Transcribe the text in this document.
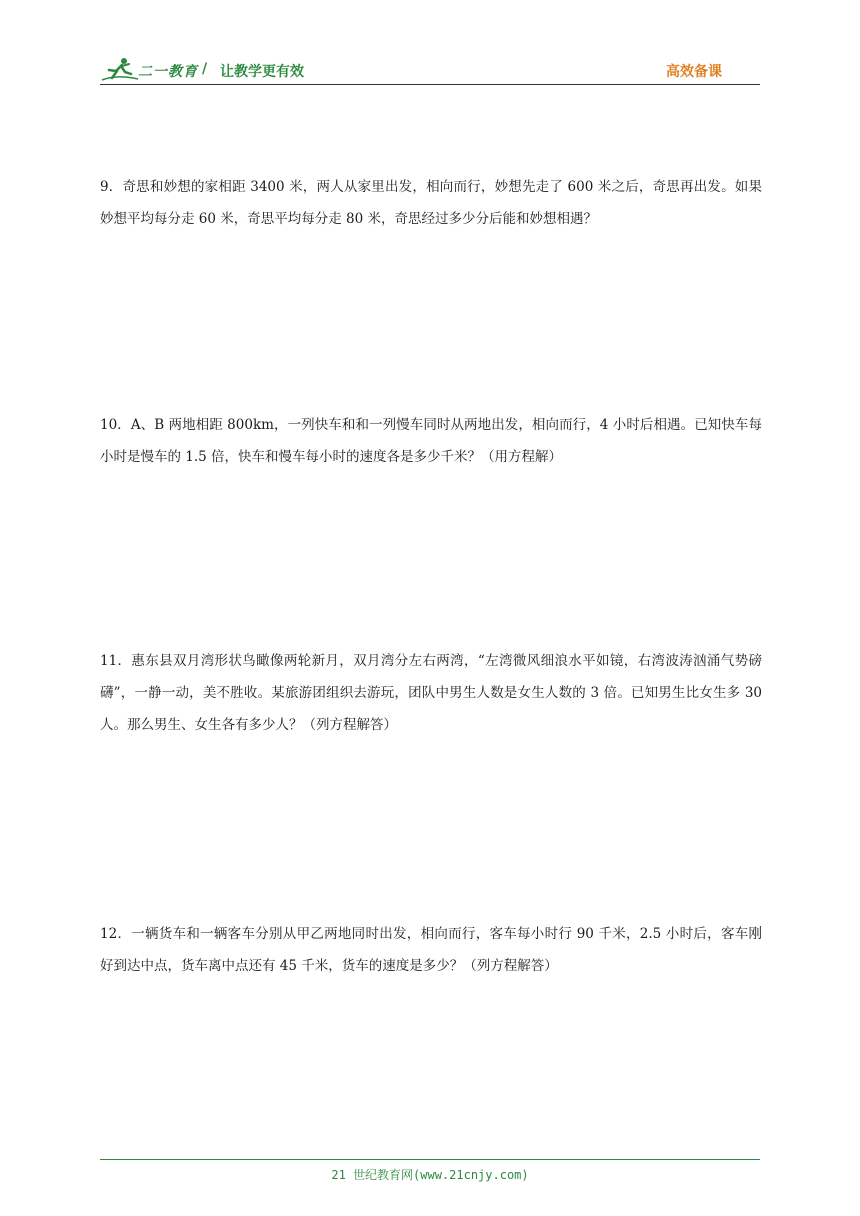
二一教育 / 让教学更有效	高效备课
9．奇思和妙想的家相距 3400 米，两人从家里出发，相向而行，妙想先走了 600 米之后，奇思再出发。如果妙想平均每分走 60 米，奇思平均每分走 80 米，奇思经过多少分后能和妙想相遇？
10．A、B 两地相距 800km，一列快车和和一列慢车同时从两地出发，相向而行，4 小时后相遇。已知快车每小时是慢车的 1.5 倍，快车和慢车每小时的速度各是多少千米？（用方程解）
11．惠东县双月湾形状鸟瞰像两轮新月，双月湾分左右两湾，“左湾微风细浪水平如镜，右湾波涛汹涌气势磅礴”，一静一动，美不胜收。某旅游团组织去游玩，团队中男生人数是女生人数的 3 倍。已知男生比女生多 30 人。那么男生、女生各有多少人？（列方程解答）
12．一辆货车和一辆客车分别从甲乙两地同时出发，相向而行，客车每小时行 90 千米，2.5 小时后，客车刚好到达中点，货车离中点还有 45 千米，货车的速度是多少？（列方程解答）
21 世纪教育网(www.21cnjy.com)
